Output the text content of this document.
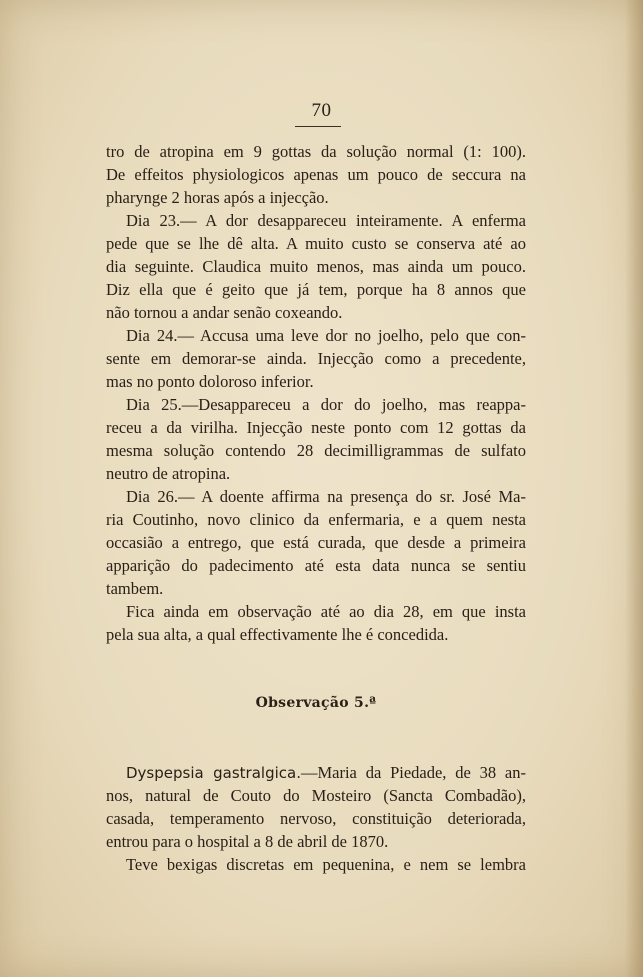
70
tro de atropina em 9 gottas da solução normal (1: 100).
De effeitos physiologicos apenas um pouco de seccura na
pharynge 2 horas após a injecção.
Dia 23.— A dor desappareceu inteiramente. A enferma
pede que se lhe dê alta. A muito custo se conserva até ao
dia seguinte. Claudica muito menos, mas ainda um pouco.
Diz ella que é geito que já tem, porque ha 8 annos que
não tornou a andar senão coxeando.
Dia 24.— Accusa uma leve dor no joelho, pelo que con-
sente em demorar-se ainda. Injecção como a precedente,
mas no ponto doloroso inferior.
Dia 25.—Desappareceu a dor do joelho, mas reappa-
receu a da virilha. Injecção neste ponto com 12 gottas da
mesma solução contendo 28 decimilligrammas de sulfato
neutro de atropina.
Dia 26.— A doente affirma na presença do sr. José Ma-
ria Coutinho, novo clinico da enfermaria, e a quem nesta
occasião a entrego, que está curada, que desde a primeira
apparição do padecimento até esta data nunca se sentiu
tambem.
Fica ainda em observação até ao dia 28, em que insta
pela sua alta, a qual effectivamente lhe é concedida.
Observação 5.ª
Dyspepsia gastralgica.—Maria da Piedade, de 38 an-
nos, natural de Couto do Mosteiro (Sancta Combadão),
casada, temperamento nervoso, constituição deteriorada,
entrou para o hospital a 8 de abril de 1870.
Teve bexigas discretas em pequenina, e nem se lembra
